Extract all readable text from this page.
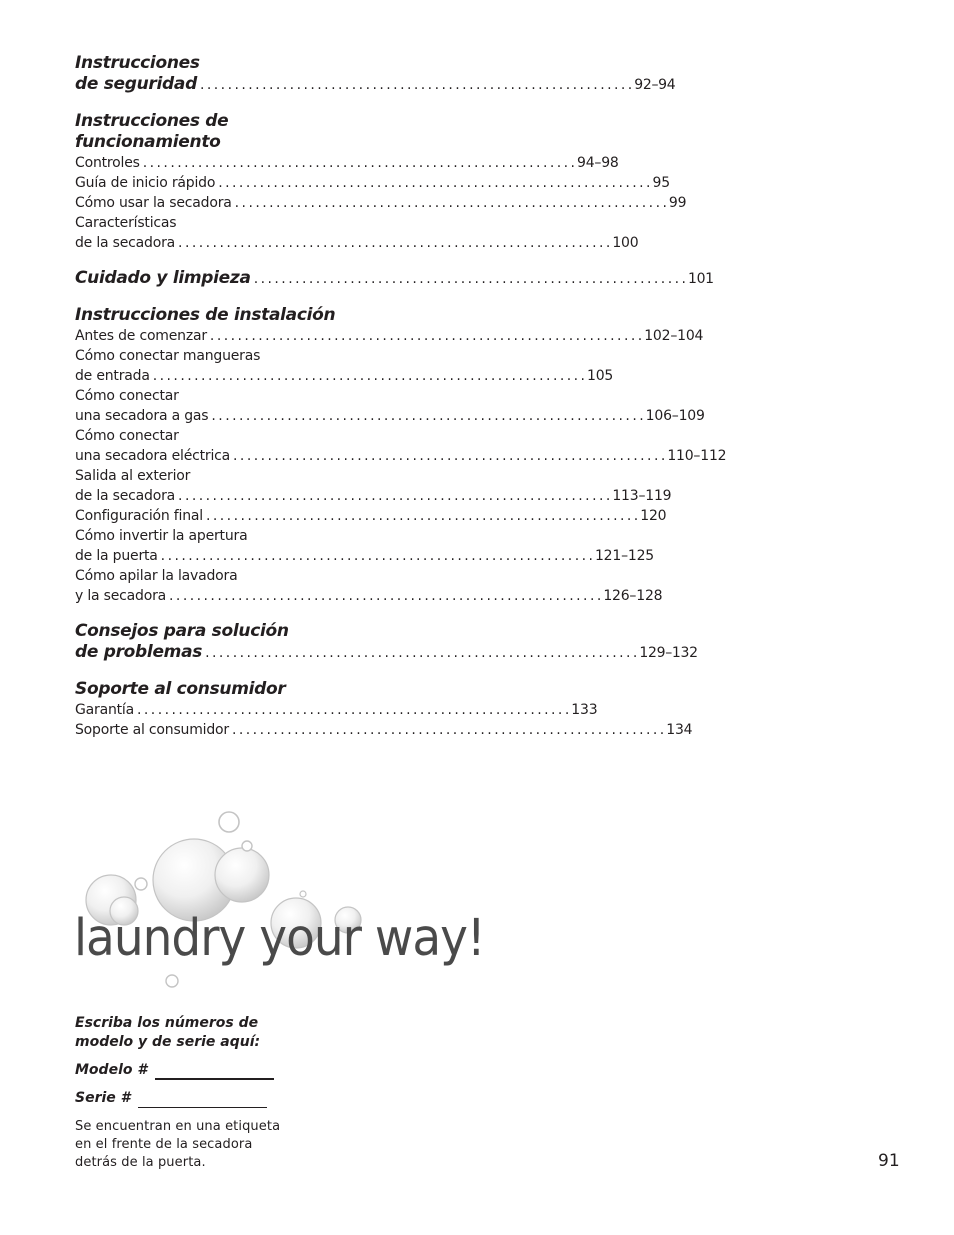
Instrucciones
de seguridad . . .	92–94
Instrucciones de funcionamiento
Controles . . .	94–98
Guía de inicio rápido . . .	95
Cómo usar la secadora . . .	99
Características
de la secadora . . .	100
Cuidado y limpieza . . .	101
Instrucciones de instalación
Antes de comenzar . . .	102–104
Cómo conectar mangueras
de entrada . . .	105
Cómo conectar
una secadora a gas . . .	106–109
Cómo conectar
una secadora eléctrica . . .	110–112
Salida al exterior
de la secadora . . .	113–119
Configuración final . . .	120
Cómo invertir la apertura
de la puerta . . .	121–125
Cómo apilar la lavadora
y la secadora . . .	126–128
Consejos para solución
de problemas . . .	129–132
Soporte al consumidor
Garantía . . .	133
Soporte al consumidor . . .	134
laundry your way!
Escriba los números de
modelo y de serie aquí:
Modelo #
Serie #
Se encuentran en una etiqueta
en el frente de la secadora
detrás de la puerta.	91
